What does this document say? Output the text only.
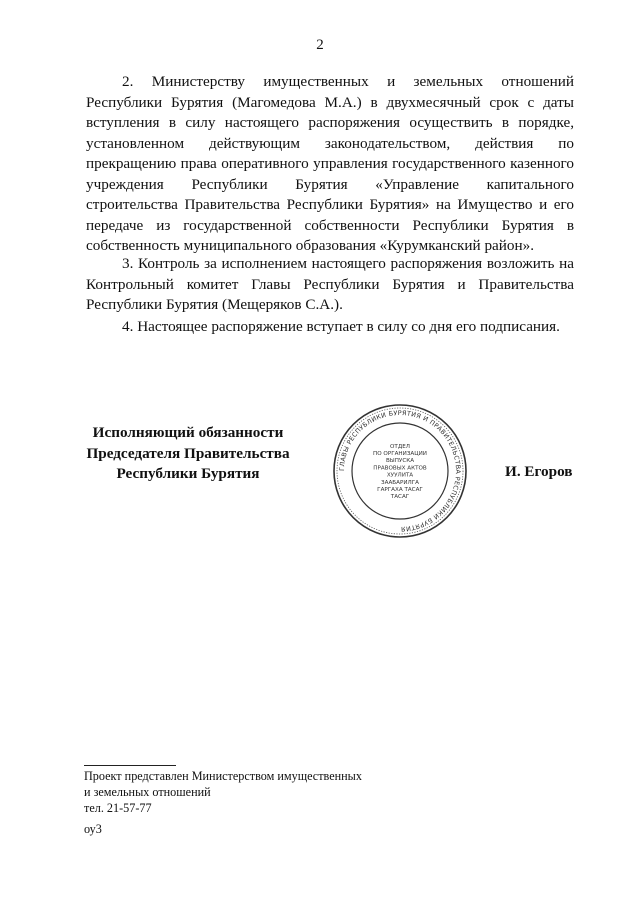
2

2. Министерству имущественных и земельных отношений Республики Бурятия (Магомедова М.А.) в двухмесячный срок с даты вступления в силу настоящего распоряжения осуществить в порядке, установленном действующим законодательством, действия по прекращению права оперативного управления государственного казенного учреждения Республики Бурятия «Управление капитального строительства Правительства Республики Бурятия» на Имущество и его передаче из государственной собственности Республики Бурятия в собственность муниципального образования «Курумканский район».

3. Контроль за исполнением настоящего распоряжения возложить на Контрольный комитет Главы Республики Бурятия и Правительства Республики Бурятия (Мещеряков С.А.).

4. Настоящее распоряжение вступает в силу со дня его подписания.

Исполняющий обязанности
Председателя Правительства
Республики Бурятия	ГЛАВЫ РЕСПУБЛИКИ БУРЯТИЯ И ПРАВИТЕЛЬСТВА РЕСПУБЛИКИ БУРЯТИЯ
ОТДЕЛ
ПО ОРГАНИЗАЦИИ
ВЫПУСКА
ПРАВОВЫХ АКТОВ
ХУУЛИТА
ЗААБАРИЛГА
ГАРГАХА ТАСАГ
ТАСАГ
И. Егоров
Проект представлен Министерством имущественных
и земельных отношений
тел. 21-57-77
оу3
